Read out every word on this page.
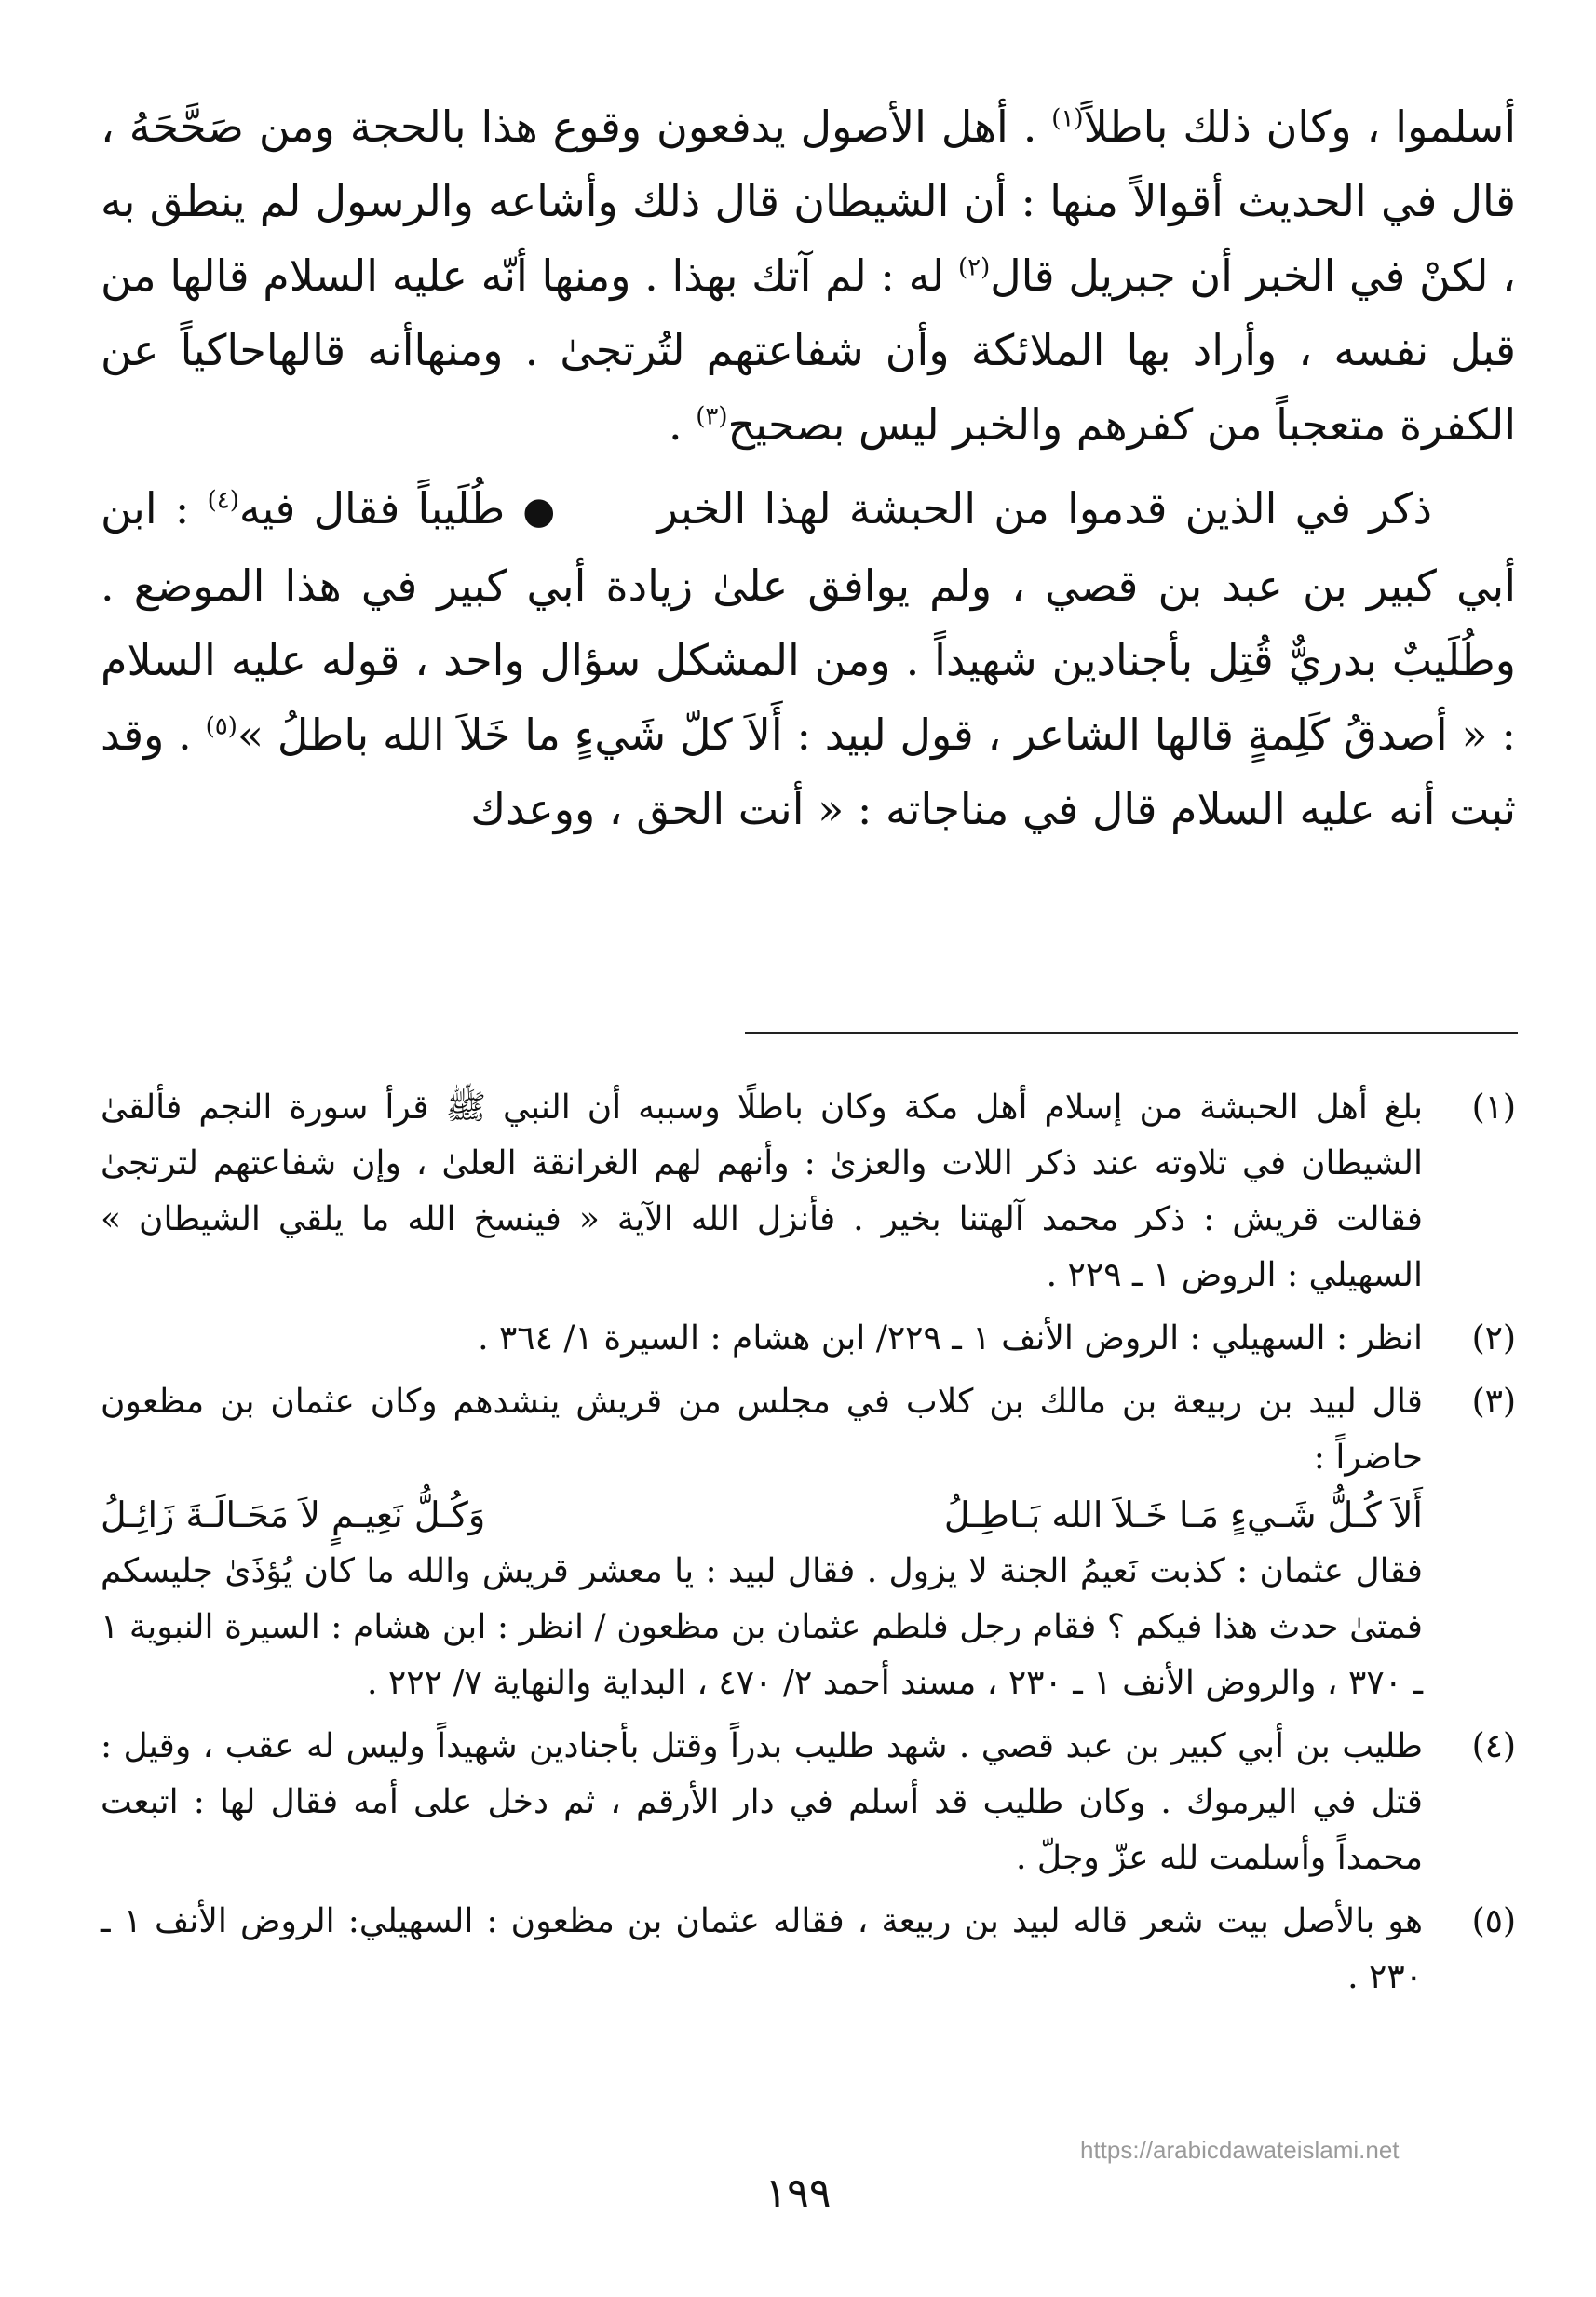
أسلموا ، وكان ذلك باطلاً$^{(١)}$ . أهل الأصول يدفعون وقوع هذا بالحجة ومن صَحَّحَهُ ، قال في الحديث أقوالاً منها : أن الشيطان قال ذلك وأشاعه والرسول لم ينطق به ، لكنْ في الخبر أن جبريل قال$^{(٢)}$ له : لم آتك بهذا . ومنها أنّه عليه السلام قالها من قبل نفسه ، وأراد بها الملائكة وأن شفاعتهم لتُرتجىٰ . ومنهاأنه قالهاحاكياً عن الكفرة متعجباً من كفرهم والخبر ليس بصحيح$^{(٣)}$ .

ذكر في الذين قدموا من الحبشة لهذا الخبر ● طُلَيباً فقال فيه$^{(٤)}$ : ابن أبي كبير بن عبد بن قصي ، ولم يوافق علىٰ زيادة أبي كبير في هذا الموضع . وطُلَيبٌ بدريٌّ قُتِل بأجنادين شهيداً . ومن المشكل سؤال واحد ، قوله عليه السلام : « أصدقُ كَلِمةٍ قالها الشاعر ، قول لبيد : أَلاَ كلّ شَيءٍ ما خَلاَ الله باطلُ »$^{(٥)}$ . وقد ثبت أنه عليه السلام قال في مناجاته : « أنت الحق ، ووعدك

(١)

بلغ أهل الحبشة من إسلام أهل مكة وكان باطلًا وسببه أن النبي ﷺ قرأ سورة النجم فألقىٰ الشيطان في تلاوته عند ذكر اللات والعزىٰ : وأنهم لهم الغرانقة العلىٰ ، وإن شفاعتهم لترتجىٰ فقالت قريش : ذكر محمد آلهتنا بخير . فأنزل الله الآية « فينسخ الله ما يلقي الشيطان » السهيلي : الروض ١ ـ ٢٢٩ .

(٢)

انظر : السهيلي : الروض الأنف ١ ـ ٢٢٩/ ابن هشام : السيرة ١/ ٣٦٤ .

(٣)

قال لبيد بن ربيعة بن مالك بن كلاب في مجلس من قريش ينشدهم وكان عثمان بن مظعون حاضراً :

أَلاَ كُـلُّ شَـيءٍ مَـا خَـلاَ الله بَـاطِـلُ
وَكُـلُّ نَعِيـمٍ لاَ مَحَـالَـةَ زَائِـلُ

فقال عثمان : كذبت نَعيمُ الجنة لا يزول . فقال لبيد : يا معشر قريش والله ما كان يُؤذَىٰ جليسكم فمتىٰ حدث هذا فيكم ؟ فقام رجل فلطم عثمان بن مظعون / انظر : ابن هشام : السيرة النبوية ١ ـ ٣٧٠ ، والروض الأنف ١ ـ ٢٣٠ ، مسند أحمد ٢/ ٤٧٠ ، البداية والنهاية ٧/ ٢٢٢ .

(٤)

طليب بن أبي كبير بن عبد قصي . شهد طليب بدراً وقتل بأجنادين شهيداً وليس له عقب ، وقيل : قتل في اليرموك . وكان طليب قد أسلم في دار الأرقم ، ثم دخل على أمه فقال لها : اتبعت محمداً وأسلمت لله عزّ وجلّ .

(٥)

هو بالأصل بيت شعر قاله لبيد بن ربيعة ، فقاله عثمان بن مظعون : السهيلي: الروض الأنف ١ ـ ٢٣٠ .

https://arabicdawateislami.net
١٩٩
